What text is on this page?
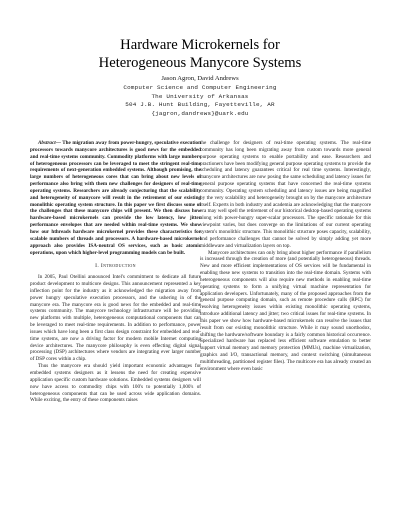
Hardware Microkernels for
Heterogeneous Manycore Systems
Jason Agron, David Andrews
Computer Science and Computer Engineering
The University of Arkansas
504 J.B. Hunt Building, Fayetteville, AR
{jagron,dandrews}@uark.edu

Abstract— The migration away from power-hungry, speculative execution processors towards manycore architectures is good news for the embedded and real-time systems community. Commodity platforms with large numbers of heterogeneous processors can be leveraged to meet the stringent real-time requirements of next-generation embedded systems. Although promising, the large numbers of heterogeneous cores that can bring about new levels of performance also bring with them new challenges for designers of real-time operating systems. Researchers are already conjecturing that the scalability and heterogeneity of manycore will result in the retirement of our existing monolithic operating system structure. In this paper we first discuss some of the challenges that these manycore chips will present. We then discuss how hardware-based microkernels can provide the low latency, low jitter performance envelopes that are needed within real-time systems. We show how our hthreads hardware microkernel provides these characteristics for scalable numbers of threads and processors. A hardware-based microkernel approach also provides ISA-neutral OS services, such as basic atomic operations, upon which higher-level programming models can be built.

I. Introduction

In 2005, Paul Otellini announced Intel's commitment to dedicate all future product development to multicore designs. This announcement represented a key inflection point for the industry as it acknowledged the migration away from power hungry speculative execution processors, and the ushering in of the manycore era. The manycore era is good news for the embedded and real-time systems community. The manycore technology infrastructure will be providing new platforms with multiple, heterogeneous computational components that can be leveraged to meet real-time requirements. In addition to performance, power issues which have long been a first class design constraint for embedded and real-time systems, are now a driving factor for modern mobile Internet computing device architectures. The manycore philosophy is even effecting digital signal processing (DSP) architectures where vendors are integrating ever larger number of DSP cores within a chip.

Thus the manycore era should yield important economic advantages for embedded systems designers as it lessens the need for creating expensive application specific custom hardware solutions. Embedded systems designers will now have access to commodity chips with 100's to potentially 1,000's of heterogeneous components that can be used across wide application domains. While exciting, the entry of these components raises

the challenge for designers of real-time operating systems. The real-time community has long been migrating away from custom towards more general purpose operating systems to enable portability and ease. Researchers and practioners have been modifying general purpose operating systems to provide the scheduling and latency guarantees critical for real time systems. Interestingly, manycore architectures are now posing the same scheduling and latency issues for general purpose operating systems that have concerned the real-time systems community. Operating system scheduling and latency issues are being magnified by the very scalability and heterogeneity brought on by the manycore architecture itself. Experts in both industry and academia are acknowledging that the manycore era may well spell the retirement of our historical desktop-based operating systems along with power-hungry super-scalar processors. The specific rationale for this viewpoint varies, but does converge on the limitations of our current operating system's monolithic structure. This monolithic structure poses capacity, scalability, and performance challenges that cannot be solved by simply adding yet more middleware and virtualization layers on top.

Manycore architectures can only bring about higher performance if parallelism is increased through the creation of more (and potentially heterogeneous) threads. New and more efficient implementations of OS services will be fundamental in enabling these new systems to transition into the real-time domain. Systems with heterogeneous components will also require new methods in enabling real-time operating systems to form a unifying virtual machine representation for application developers. Unfortunately, many of the proposed approaches from the general purpose computing domain, such as remote procedure calls (RPC) for resolving heterogeneity issues within existing monolithic operating systems, introduce additional latency and jitter; two critical issues for real-time systems. In this paper we show how hardware-based microkernels can resolve the issues that result from our existing monolithic structure. While it may sound unorthodox, shifting the hardware/software boundary is a fairly common historical occurrence. Specialized hardware has replaced less efficient software emulation to better support virtual memory and memory protection (MMUs), machine virtualization, graphics and I/O, transactional memory, and context switching (simultaneous multithreading, partitioned register files). The multicore era has already created an environment where even basic
